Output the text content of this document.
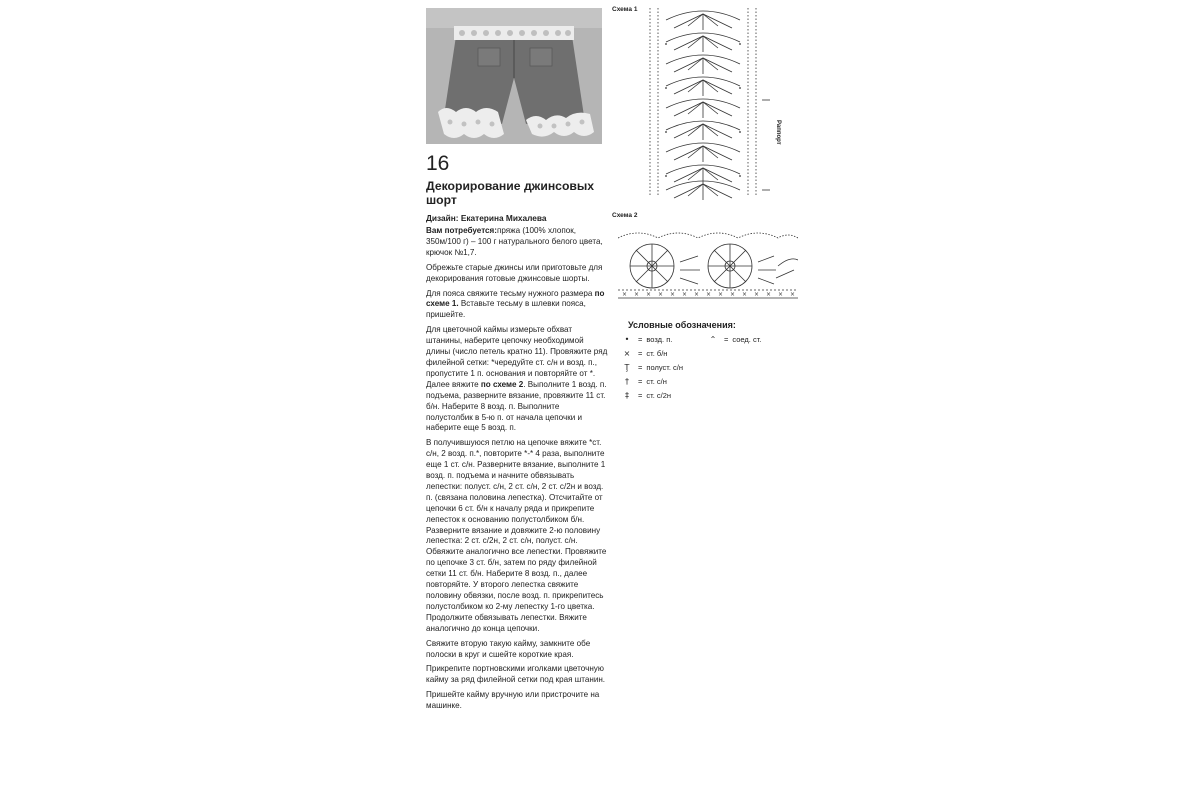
16
Декорирование джинсовых шорт
Дизайн: Екатерина Михалева
Вам потребуется:пряжа (100% хлопок, 350м/100 г) – 100 г натурального белого цвета, крючок №1,7.
Обрежьте старые джинсы или приготовьте для декорирования готовые джинсовые шорты.
Для пояса свяжите тесьму нужного размера по схеме 1. Вставьте тесьму в шлевки пояса, пришейте.
Для цветочной каймы измерьте обхват штанины, наберите цепочку необходимой длины (число петель кратно 11). Провяжите ряд филейной сетки: *чередуйте ст. с/н и возд. п., пропустите 1 п. основания и повторяйте от *. Далее вяжите по схеме 2. Выполните 1 возд. п. подъема, разверните вязание, провяжите 11 ст. б/н. Наберите 8 возд. п. Выполните полустолбик в 5-ю п. от начала цепочки и наберите еще 5 возд. п.
В получившуюся петлю на цепочке вяжите *ст. с/н, 2 возд. п.*, повторите *-* 4 раза, выполните еще 1 ст. с/н. Разверните вязание, выполните 1 возд. п. подъема и начните обвязывать лепестки: полуст. с/н, 2 ст. с/н, 2 ст. с/2н и возд. п. (связана половина лепестка). Отсчитайте от цепочки 6 ст. б/н к началу ряда и прикрепите лепесток к основанию полустолбиком б/н. Разверните вязание и довяжите 2-ю половину лепестка: 2 ст. с/2н, 2 ст. с/н, полуст. с/н. Обвяжите аналогично все лепестки. Провяжите по цепочке 3 ст. б/н, затем по ряду филейной сетки 11 ст. б/н. Наберите 8 возд. п., далее повторяйте. У второго лепестка свяжите половину обвязки, после возд. п. прикрепитесь полустолбиком ко 2-му лепестку 1-го цветка. Продолжите обвязывать лепестки. Вяжите аналогично до конца цепочки.
Свяжите вторую такую кайму, замкните обе полоски в круг и сшейте короткие края.
Прикрепите портновскими иголками цветочную кайму за ряд филейной сетки под края штанин.
Пришейте кайму вручную или пристрочите на машинке.
Схема 1
Раппорт
Схема 2
× × × × × × × × × × × × × × ×
Условные обозначения:
•	= возд. п.	⌃	= соед. ст.
×	= ст. б/н
Ţ	= полуст. с/н
†	= ст. с/н
‡	= ст. с/2н
